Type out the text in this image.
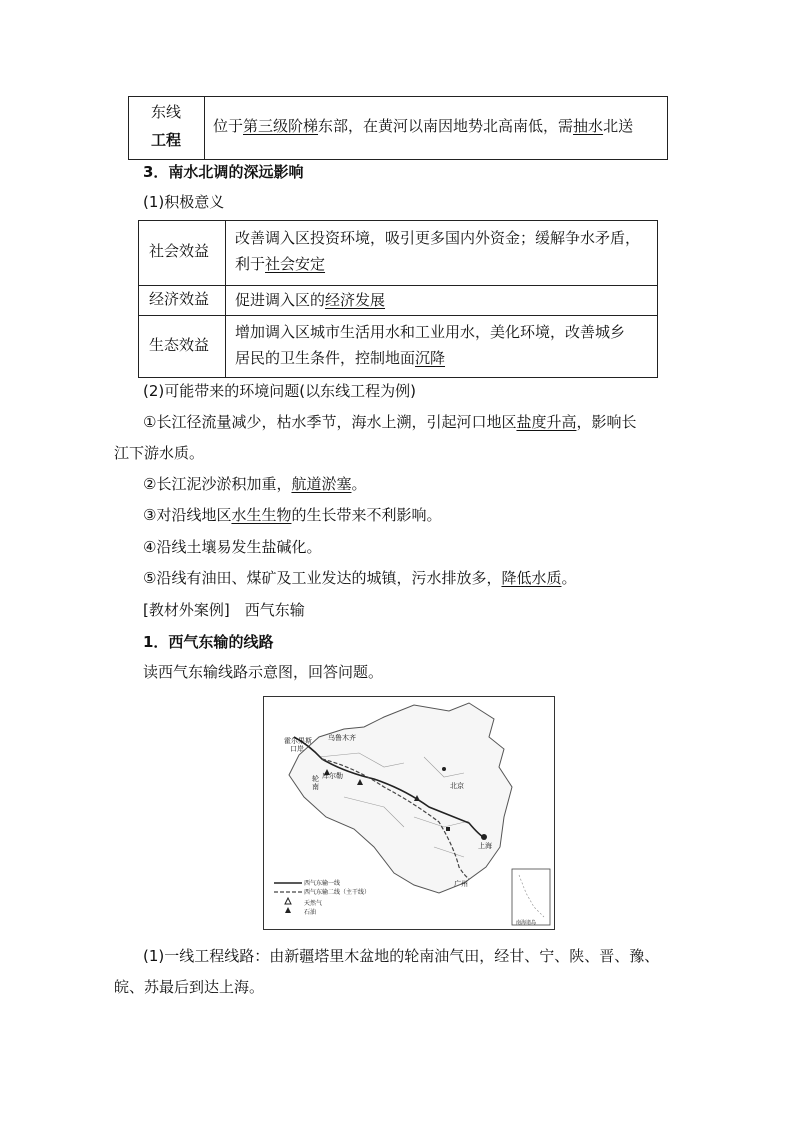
东线
工程
位于第三级阶梯东部，在黄河以南因地势北高南低，需抽水北送
3．南水北调的深远影响
(1)积极意义
社会效益
改善调入区投资环境，吸引更多国内外资金；缓解争水矛盾，
利于社会安定
经济效益 促进调入区的经济发展
生态效益
增加调入区城市生活用水和工业用水，美化环境，改善城乡
居民的卫生条件，控制地面沉降
(2)可能带来的环境问题(以东线工程为例)
①长江径流量减少，枯水季节，海水上溯，引起河口地区盐度升高，影响长
江下游水质。
②长江泥沙淤积加重，航道淤塞。
③对沿线地区水生生物的生长带来不利影响。
④沿线土壤易发生盐碱化。
⑤沿线有油田、煤矿及工业发达的城镇，污水排放多，降低水质。
[教材外案例]　西气东输
1．西气东输的线路
读西气东输线路示意图，回答问题。
霍尔果斯
口岸
乌鲁木齐
轮
南
库尔勒
北京
上海
广州
南海诸岛
西气东输一线
西气东输二线（主干线）
天然气
石油
(1)一线工程线路：由新疆塔里木盆地的轮南油气田，经甘、宁、陕、晋、豫、
皖、苏最后到达上海。
